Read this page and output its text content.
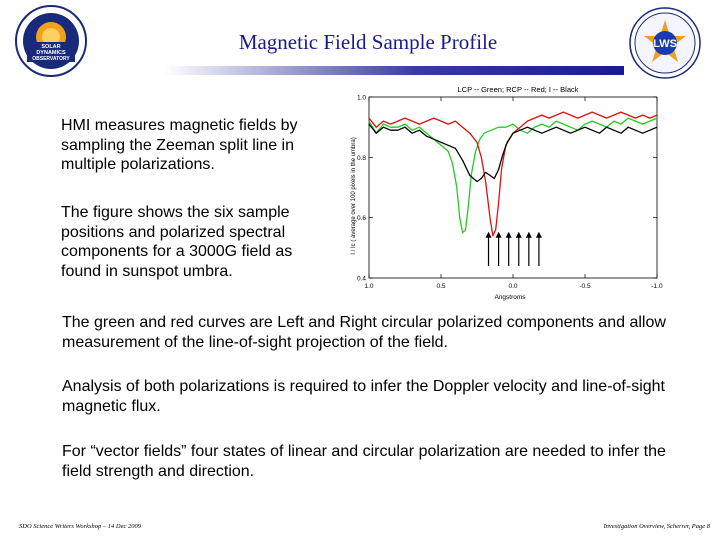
SOLAR
DYNAMICS
OBSERVATORY
LWS
Magnetic Field Sample Profile
HMI measures magnetic fields by sampling the Zeeman split line in multiple polarizations.
The figure shows the six sample positions and polarized spectral components for a 3000G field as found in sunspot umbra.
The green and red curves are Left and Right circular polarized components and allow measurement of the line-of-sight projection of the field.
Analysis of both polarizations is required to infer the Doppler velocity and line-of-sight magnetic flux.
For “vector fields” four states of linear and circular polarization are needed to infer the field strength and direction.
LCP -- Green; RCP -- Red; I -- Black
I / Ic ( average over 100 pixels in the umbra)
Angstroms
1.0	0.5	0.0	-0.5	-1.0
0.4
0.6
0.8
1.0
SDO Science Writers Workshop – 14 Dec 2009	Investigation Overview, Scherrer, Page 8
